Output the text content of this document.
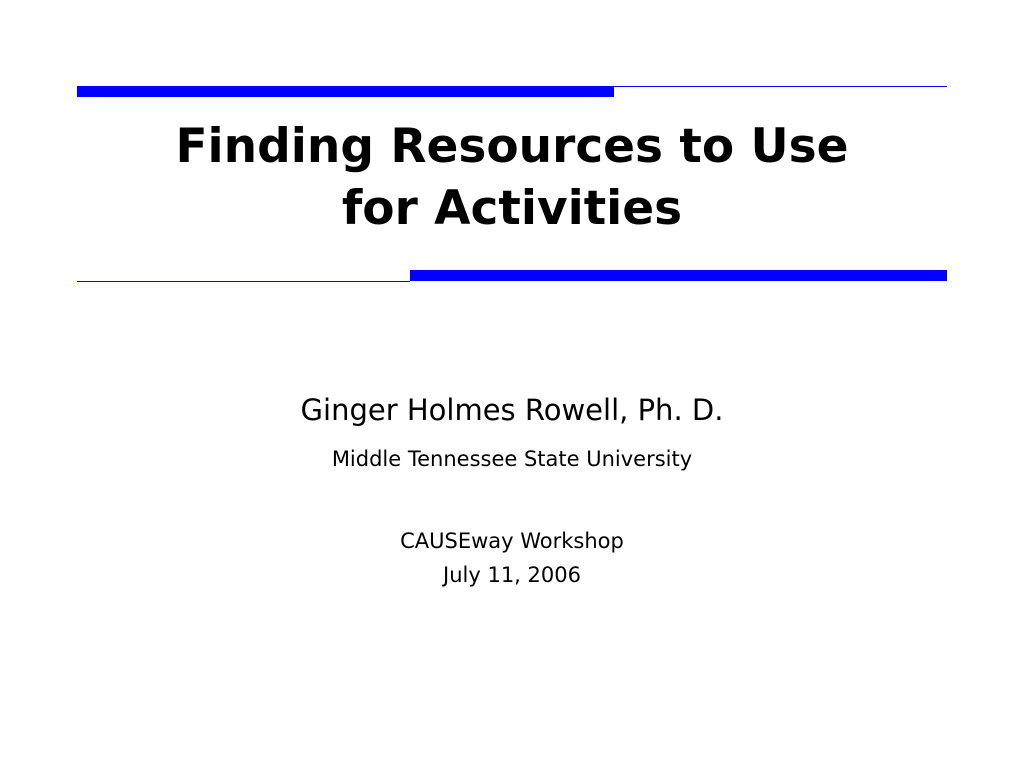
Finding Resources to Use
for Activities
Ginger Holmes Rowell, Ph. D.
Middle Tennessee State University
CAUSEway Workshop
July 11, 2006
